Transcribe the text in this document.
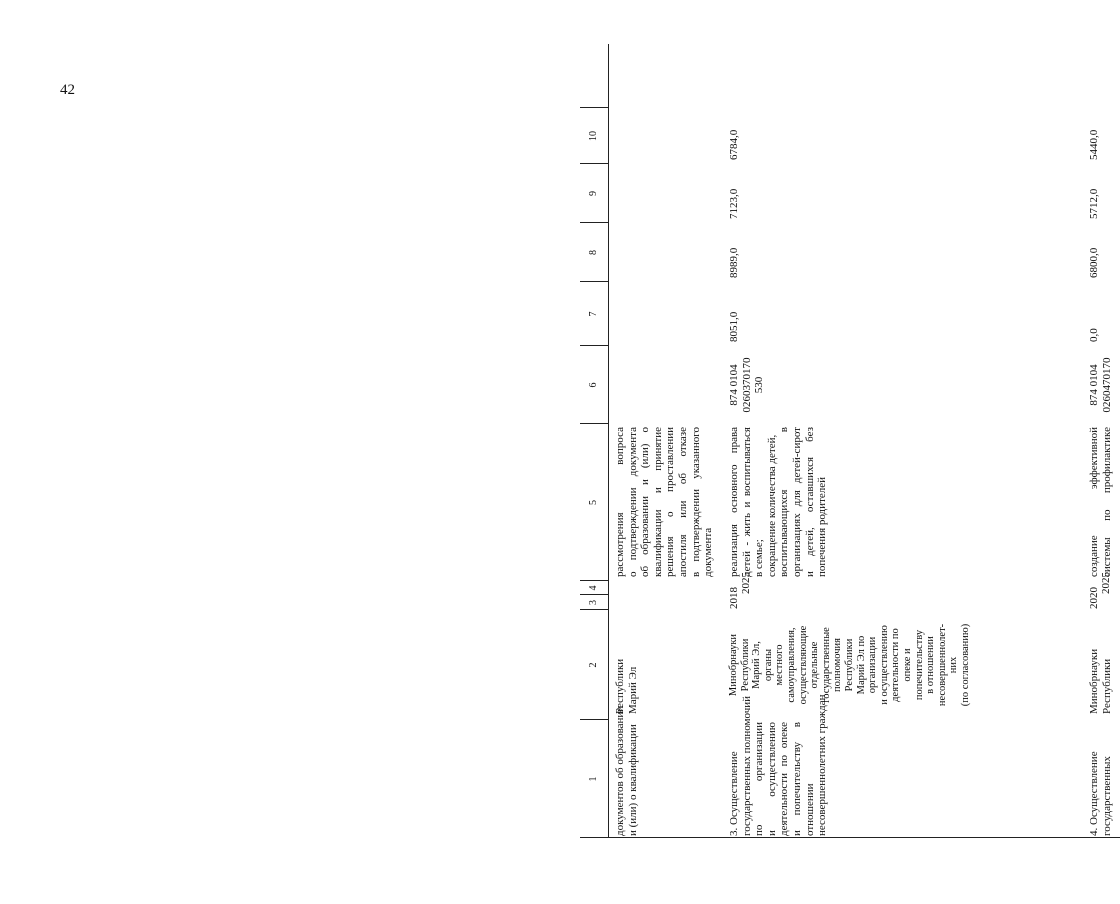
42
1
2
3
4
5
6
7
8
9
10
документов об образовании и (или) о квалификации
Республики Марий Эл
рассмотрения вопроса о подтверждении документа об образовании и (или) о квалификации и принятие решения о проставлении апостиля или об отказе в подтверждении указанного документа
3. Осуществление государственных полномочий по организации и осуществлению деятельности по опеке и попечительству в отношении несовершеннолетних граждан
Минобрнауки Республики Марий Эл, органы местного самоуправления, осуществляющие отдельные государственные полномочия Республики Марий Эл по организации и осуществлению деятельности по опеке и попечительству в отношении несовершеннолет- них (по согласованию)
2018
2025
реализация основного права детей - жить и воспитываться в семье; сокращение количества детей, воспитывающихся в организациях для детей-сирот и детей, оставшихся без попечения родителей
874 0104 0260370170 530
8051,0
8989,0
7123,0
6784,0
4. Осуществление государственных
Минобрнауки Республики
2020
2025
создание эффективной системы по профилактике
874 0104 0260470170
0,0
6800,0
5712,0
5440,0
